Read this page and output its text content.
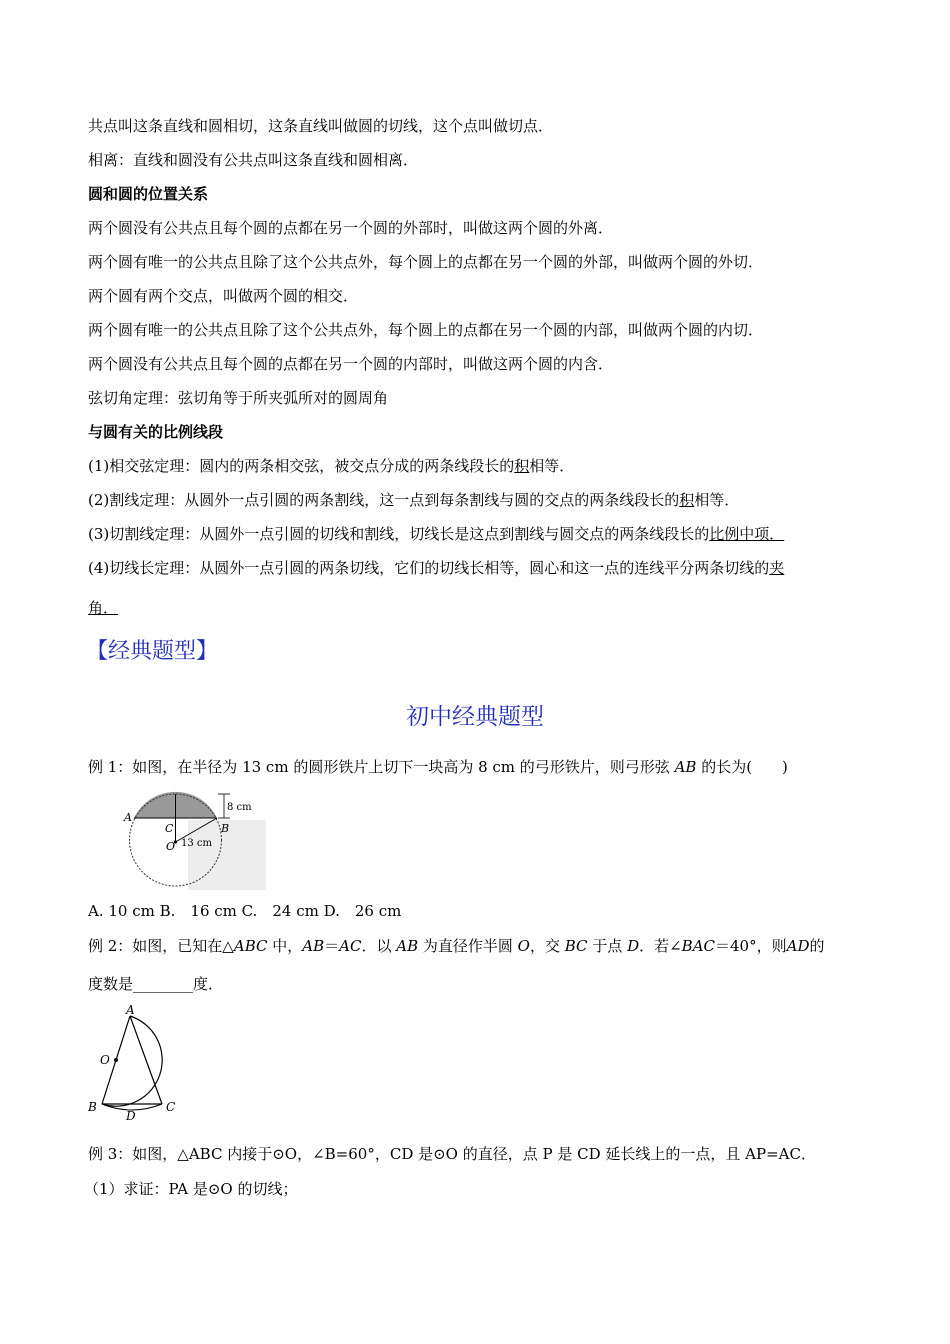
共点叫这条直线和圆相切，这条直线叫做圆的切线，这个点叫做切点．
相离：直线和圆没有公共点叫这条直线和圆相离．
圆和圆的位置关系
两个圆没有公共点且每个圆的点都在另一个圆的外部时，叫做这两个圆的外离．
两个圆有唯一的公共点且除了这个公共点外，每个圆上的点都在另一个圆的外部，叫做两个圆的外切．
两个圆有两个交点，叫做两个圆的相交．
两个圆有唯一的公共点且除了这个公共点外，每个圆上的点都在另一个圆的内部，叫做两个圆的内切．
两个圆没有公共点且每个圆的点都在另一个圆的内部时，叫做这两个圆的内含．
弦切角定理：弦切角等于所夹弧所对的圆周角
与圆有关的比例线段
(1)相交弦定理：圆内的两条相交弦，被交点分成的两条线段长的积相等．
(2)割线定理：从圆外一点引圆的两条割线，这一点到每条割线与圆的交点的两条线段长的积相等．
(3)切割线定理：从圆外一点引圆的切线和割线，切线长是这点到割线与圆交点的两条线段长的比例中项．
(4)切线长定理：从圆外一点引圆的两条切线，它们的切线长相等，圆心和这一点的连线平分两条切线的夹
角．
【经典题型】
初中经典题型
例 1：如图，在半径为 13 cm 的圆形铁片上切下一块高为 8 cm 的弓形铁片，则弓形弦 AB 的长为(　　)
8 cm
A
B
C
O 13 cm
A. 10 cm B.　16 cm C.　24 cm D.　26 cm
例 2：如图，已知在△ABC 中，AB＝AC．以 AB 为直径作半圆 O，交 BC 于点 D．若∠BAC＝40°，则AD的
度数是________度．
A
O
B
D
C
例 3：如图，△ABC 内接于⊙O，∠B=60°，CD 是⊙O 的直径，点 P 是 CD 延长线上的一点，且 AP=AC．
（1）求证：PA 是⊙O 的切线；
